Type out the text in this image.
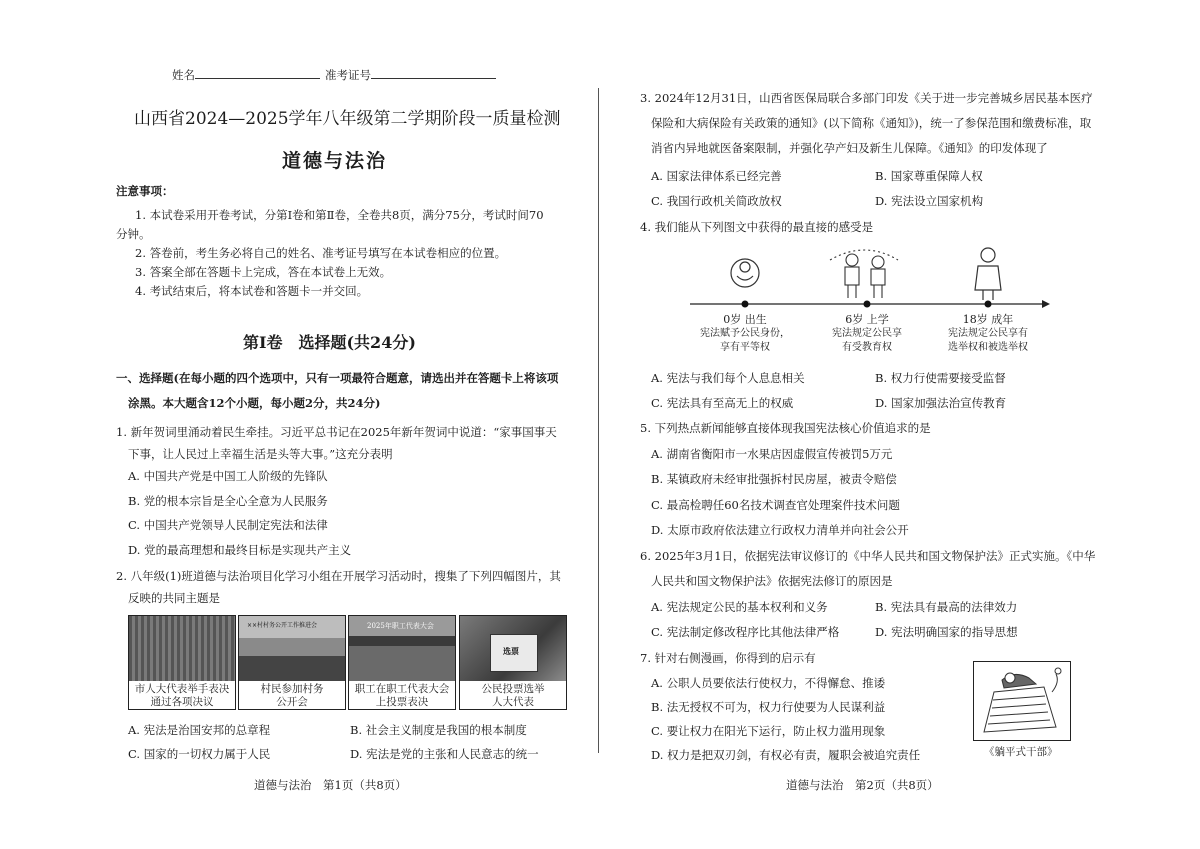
姓名	准考证号
山西省2024—2025学年八年级第二学期阶段一质量检测
道德与法治
注意事项：
1. 本试卷采用开卷考试，分第Ⅰ卷和第Ⅱ卷，全卷共8页，满分75分，考试时间70
分钟。
2. 答卷前，考生务必将自己的姓名、准考证号填写在本试卷相应的位置。
3. 答案全部在答题卡上完成，答在本试卷上无效。
4. 考试结束后，将本试卷和答题卡一并交回。
第Ⅰ卷　选择题(共24分)
一、选择题(在每小题的四个选项中，只有一项最符合题意，请选出并在答题卡上将该项
涂黑。本大题含12个小题，每小题2分，共24分)
1. 新年贺词里涌动着民生牵挂。习近平总书记在2025年新年贺词中说道：“家事国事天
下事，让人民过上幸福生活是头等大事。”这充分表明
A. 中国共产党是中国工人阶级的先锋队
B. 党的根本宗旨是全心全意为人民服务
C. 中国共产党领导人民制定宪法和法律
D. 党的最高理想和最终目标是实现共产主义
2. 八年级(1)班道德与法治项目化学习小组在开展学习活动时，搜集了下列四幅图片，其
反映的共同主题是
市人大代表举手表决
通过各项决议
××村村务公开工作推进会
村民参加村务
公开会
2025年职工代表大会
职工在职工代表大会
上投票表决
选票
公民投票选举
人大代表
A. 宪法是治国安邦的总章程	B. 社会主义制度是我国的根本制度
C. 国家的一切权力属于人民	D. 宪法是党的主张和人民意志的统一
道德与法治　第1页（共8页）
3. 2024年12月31日，山西省医保局联合多部门印发《关于进一步完善城乡居民基本医疗
保险和大病保险有关政策的通知》(以下简称《通知》)，统一了参保范围和缴费标准，取
消省内异地就医备案限制，并强化孕产妇及新生儿保障。《通知》的印发体现了
A. 国家法律体系已经完善	B. 国家尊重保障人权
C. 我国行政机关简政放权	D. 宪法设立国家机构
4. 我们能从下列图文中获得的最直接的感受是
0岁 出生
宪法赋予公民身份，
享有平等权
6岁 上学
宪法规定公民享
有受教育权
18岁 成年
宪法规定公民享有
选举权和被选举权
A. 宪法与我们每个人息息相关	B. 权力行使需要接受监督
C. 宪法具有至高无上的权威	D. 国家加强法治宣传教育
5. 下列热点新闻能够直接体现我国宪法核心价值追求的是
A. 湖南省衡阳市一水果店因虚假宣传被罚5万元
B. 某镇政府未经审批强拆村民房屋，被责令赔偿
C. 最高检聘任60名技术调查官处理案件技术问题
D. 太原市政府依法建立行政权力清单并向社会公开
6. 2025年3月1日，依据宪法审议修订的《中华人民共和国文物保护法》正式实施。《中华
人民共和国文物保护法》依据宪法修订的原因是
A. 宪法规定公民的基本权利和义务	B. 宪法具有最高的法律效力
C. 宪法制定修改程序比其他法律严格	D. 宪法明确国家的指导思想
7. 针对右侧漫画，你得到的启示有
A. 公职人员要依法行使权力，不得懈怠、推诿
B. 法无授权不可为，权力行使要为人民谋利益
C. 要让权力在阳光下运行，防止权力滥用现象
D. 权力是把双刃剑，有权必有责，履职会被追究责任	《躺平式干部》
道德与法治　第2页（共8页）
